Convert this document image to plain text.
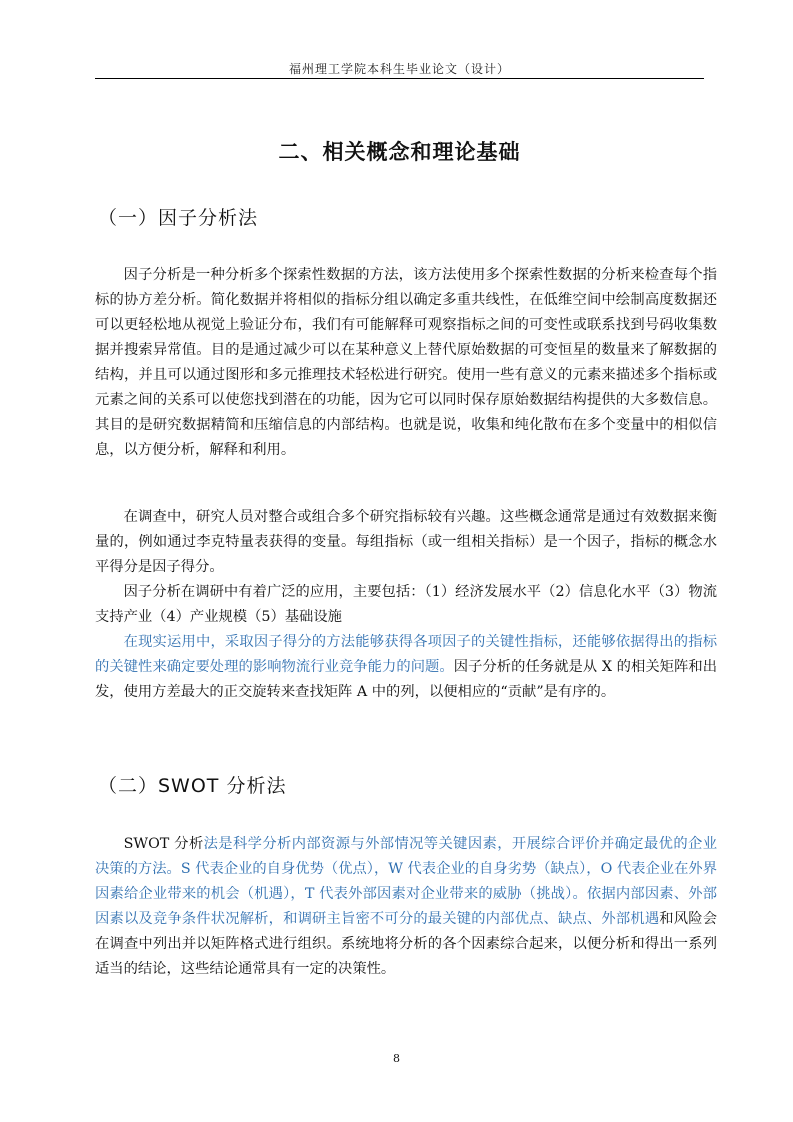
福州理工学院本科生毕业论文（设计）
二、相关概念和理论基础
（一）因子分析法

因子分析是一种分析多个探索性数据的方法，该方法使用多个探索性数据的分析来检查每个指标的协方差分析。简化数据并将相似的指标分组以确定多重共线性，在低维空间中绘制高度数据还可以更轻松地从视觉上验证分布，我们有可能解释可观察指标之间的可变性或联系找到号码收集数据并搜索异常值。目的是通过减少可以在某种意义上替代原始数据的可变恒星的数量来了解数据的结构，并且可以通过图形和多元推理技术轻松进行研究。使用一些有意义的元素来描述多个指标或元素之间的关系可以使您找到潜在的功能，因为它可以同时保存原始数据结构提供的大多数信息。其目的是研究数据精简和压缩信息的内部结构。也就是说，收集和纯化散布在多个变量中的相似信息，以方便分析，解释和利用。

在调查中，研究人员对整合或组合多个研究指标较有兴趣。这些概念通常是通过有效数据来衡量的，例如通过李克特量表获得的变量。每组指标（或一组相关指标）是一个因子，指标的概念水平得分是因子得分。

因子分析在调研中有着广泛的应用，主要包括：（1）经济发展水平（2）信息化水平（3）物流支持产业（4）产业规模（5）基础设施

在现实运用中，采取因子得分的方法能够获得各项因子的关键性指标，还能够依据得出的指标的关键性来确定要处理的影响物流行业竞争能力的问题。因子分析的任务就是从 X 的相关矩阵和出发，使用方差最大的正交旋转来查找矩阵 A 中的列，以便相应的“贡献”是有序的。

（二）SWOT 分析法

SWOT 分析法是科学分析内部资源与外部情况等关键因素，开展综合评价并确定最优的企业决策的方法。S 代表企业的自身优势（优点），W 代表企业的自身劣势（缺点），O 代表企业在外界因素给企业带来的机会（机遇），T 代表外部因素对企业带来的威胁（挑战）。依据内部因素、外部因素以及竞争条件状况解析，和调研主旨密不可分的最关键的内部优点、缺点、外部机遇和风险会在调查中列出并以矩阵格式进行组织。系统地将分析的各个因素综合起来，以便分析和得出一系列适当的结论，这些结论通常具有一定的决策性。

8
